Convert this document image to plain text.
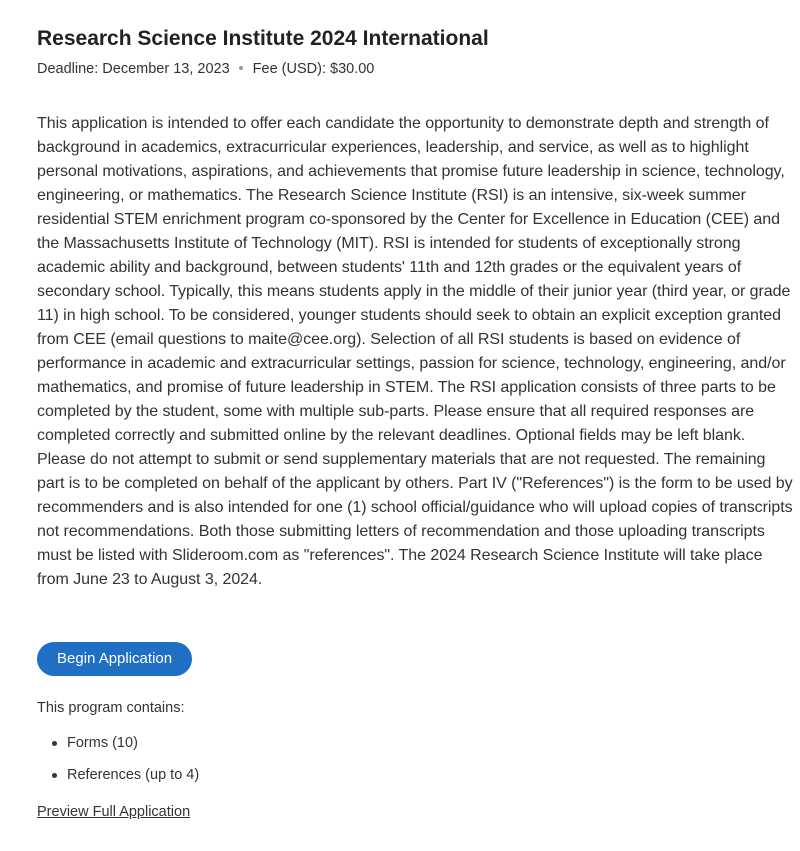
Research Science Institute 2024 International
Deadline: December 13, 2023 Fee (USD): $30.00
This application is intended to offer each candidate the opportunity to demonstrate depth and strength of background in academics, extracurricular experiences, leadership, and service, as well as to highlight personal motivations, aspirations, and achievements that promise future leadership in science, technology, engineering, or mathematics. The Research Science Institute (RSI) is an intensive, six-week summer residential STEM enrichment program co-sponsored by the Center for Excellence in Education (CEE) and the Massachusetts Institute of Technology (MIT). RSI is intended for students of exceptionally strong academic ability and background, between students' 11th and 12th grades or the equivalent years of secondary school. Typically, this means students apply in the middle of their junior year (third year, or grade 11) in high school. To be considered, younger students should seek to obtain an explicit exception granted from CEE (email questions to maite@cee.org). Selection of all RSI students is based on evidence of performance in academic and extracurricular settings, passion for science, technology, engineering, and/or mathematics, and promise of future leadership in STEM. The RSI application consists of three parts to be completed by the student, some with multiple sub-parts. Please ensure that all required responses are completed correctly and submitted online by the relevant deadlines. Optional fields may be left blank. Please do not attempt to submit or send supplementary materials that are not requested. The remaining part is to be completed on behalf of the applicant by others. Part IV ("References") is the form to be used by recommenders and is also intended for one (1) school official/guidance who will upload copies of transcripts not recommendations. Both those submitting letters of recommendation and those uploading transcripts must be listed with Slideroom.com as "references". The 2024 Research Science Institute will take place from June 23 to August 3, 2024.
Begin Application
This program contains:
Forms (10)
References (up to 4)
Preview Full Application
